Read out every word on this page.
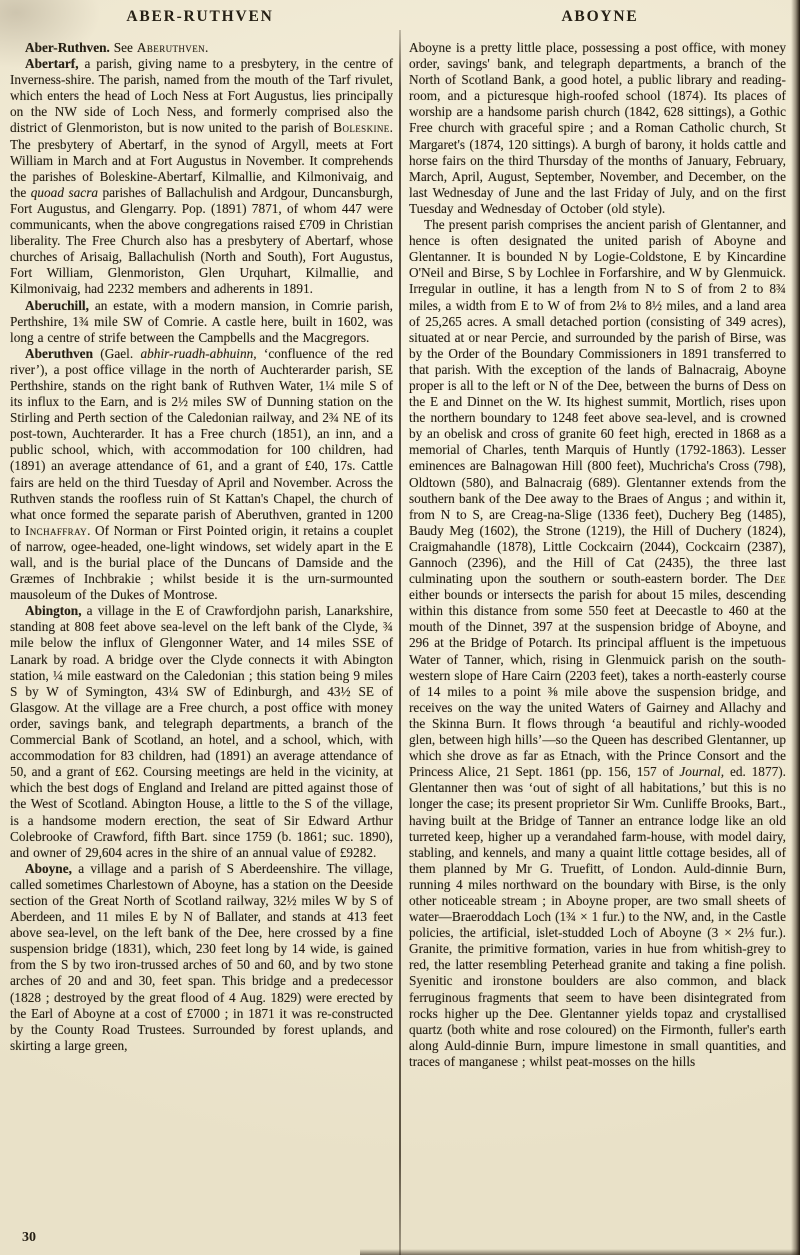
ABER-RUTHVEN	ABOYNE

Aber-Ruthven. See Aberuthven.

Abertarf, a parish, giving name to a presbytery, in the centre of Inverness-shire. The parish, named from the mouth of the Tarf rivulet, which enters the head of Loch Ness at Fort Augustus, lies principally on the NW side of Loch Ness, and formerly comprised also the district of Glenmoriston, but is now united to the parish of Boleskine. The presbytery of Abertarf, in the synod of Argyll, meets at Fort William in March and at Fort Augustus in November. It comprehends the parishes of Boleskine-Abertarf, Kilmallie, and Kilmonivaig, and the quoad sacra parishes of Ballachulish and Ardgour, Duncansburgh, Fort Augustus, and Glengarry. Pop. (1891) 7871, of whom 447 were communicants, when the above congregations raised £709 in Christian liberality. The Free Church also has a presbytery of Abertarf, whose churches of Arisaig, Ballachulish (North and South), Fort Augustus, Fort William, Glenmoriston, Glen Urquhart, Kilmallie, and Kilmonivaig, had 2232 members and adherents in 1891.

Aberuchill, an estate, with a modern mansion, in Comrie parish, Perthshire, 1¾ mile SW of Comrie. A castle here, built in 1602, was long a centre of strife between the Campbells and the Macgregors.

Aberuthven (Gael. abhir-ruadh-abhuinn, ‘confluence of the red river’), a post office village in the north of Auchterarder parish, SE Perthshire, stands on the right bank of Ruthven Water, 1¼ mile S of its influx to the Earn, and is 2½ miles SW of Dunning station on the Stirling and Perth section of the Caledonian railway, and 2¾ NE of its post-town, Auchterarder. It has a Free church (1851), an inn, and a public school, which, with accommodation for 100 children, had (1891) an average attendance of 61, and a grant of £40, 17s. Cattle fairs are held on the third Tuesday of April and November. Across the Ruthven stands the roofless ruin of St Kattan's Chapel, the church of what once formed the separate parish of Aberuthven, granted in 1200 to Inchaffray. Of Norman or First Pointed origin, it retains a couplet of narrow, ogee-headed, one-light windows, set widely apart in the E wall, and is the burial place of the Duncans of Damside and the Græmes of Inchbrakie ; whilst beside it is the urn-surmounted mausoleum of the Dukes of Montrose.

Abington, a village in the E of Crawfordjohn parish, Lanarkshire, standing at 808 feet above sea-level on the left bank of the Clyde, ¾ mile below the influx of Glengonner Water, and 14 miles SSE of Lanark by road. A bridge over the Clyde connects it with Abington station, ¼ mile eastward on the Caledonian ; this station being 9 miles S by W of Symington, 43¼ SW of Edinburgh, and 43½ SE of Glasgow. At the village are a Free church, a post office with money order, savings bank, and telegraph departments, a branch of the Commercial Bank of Scotland, an hotel, and a school, which, with accommodation for 83 children, had (1891) an average attendance of 50, and a grant of £62. Coursing meetings are held in the vicinity, at which the best dogs of England and Ireland are pitted against those of the West of Scotland. Abington House, a little to the S of the village, is a handsome modern erection, the seat of Sir Edward Arthur Colebrooke of Crawford, fifth Bart. since 1759 (b. 1861; suc. 1890), and owner of 29,604 acres in the shire of an annual value of £9282.

Aboyne, a village and a parish of S Aberdeenshire. The village, called sometimes Charlestown of Aboyne, has a station on the Deeside section of the Great North of Scotland railway, 32½ miles W by S of Aberdeen, and 11 miles E by N of Ballater, and stands at 413 feet above sea-level, on the left bank of the Dee, here crossed by a fine suspension bridge (1831), which, 230 feet long by 14 wide, is gained from the S by two iron-trussed arches of 50 and 60, and by two stone arches of 20 and and 30, feet span. This bridge and a predecessor (1828 ; destroyed by the great flood of 4 Aug. 1829) were erected by the Earl of Aboyne at a cost of £7000 ; in 1871 it was re-constructed by the County Road Trustees. Surrounded by forest uplands, and skirting a large green,

Aboyne is a pretty little place, possessing a post office, with money order, savings' bank, and telegraph departments, a branch of the North of Scotland Bank, a good hotel, a public library and reading-room, and a picturesque high-roofed school (1874). Its places of worship are a handsome parish church (1842, 628 sittings), a Gothic Free church with graceful spire ; and a Roman Catholic church, St Margaret's (1874, 120 sittings). A burgh of barony, it holds cattle and horse fairs on the third Thursday of the months of January, February, March, April, August, September, November, and December, on the last Wednesday of June and the last Friday of July, and on the first Tuesday and Wednesday of October (old style).

The present parish comprises the ancient parish of Glentanner, and hence is often designated the united parish of Aboyne and Glentanner. It is bounded N by Logie-Coldstone, E by Kincardine O'Neil and Birse, S by Lochlee in Forfarshire, and W by Glenmuick. Irregular in outline, it has a length from N to S of from 2 to 8¾ miles, a width from E to W of from 2⅛ to 8½ miles, and a land area of 25,265 acres. A small detached portion (consisting of 349 acres), situated at or near Percie, and surrounded by the parish of Birse, was by the Order of the Boundary Commissioners in 1891 transferred to that parish. With the exception of the lands of Balnacraig, Aboyne proper is all to the left or N of the Dee, between the burns of Dess on the E and Dinnet on the W. Its highest summit, Mortlich, rises upon the northern boundary to 1248 feet above sea-level, and is crowned by an obelisk and cross of granite 60 feet high, erected in 1868 as a memorial of Charles, tenth Marquis of Huntly (1792-1863). Lesser eminences are Balnagowan Hill (800 feet), Muchricha's Cross (798), Oldtown (580), and Balnacraig (689). Glentanner extends from the southern bank of the Dee away to the Braes of Angus ; and within it, from N to S, are Creag-na-Slige (1336 feet), Duchery Beg (1485), Baudy Meg (1602), the Strone (1219), the Hill of Duchery (1824), Craigmahandle (1878), Little Cockcairn (2044), Cockcairn (2387), Gannoch (2396), and the Hill of Cat (2435), the three last culminating upon the southern or south-eastern border. The Dee either bounds or intersects the parish for about 15 miles, descending within this distance from some 550 feet at Deecastle to 460 at the mouth of the Dinnet, 397 at the suspension bridge of Aboyne, and 296 at the Bridge of Potarch. Its principal affluent is the impetuous Water of Tanner, which, rising in Glenmuick parish on the south-western slope of Hare Cairn (2203 feet), takes a north-easterly course of 14 miles to a point ⅜ mile above the suspension bridge, and receives on the way the united Waters of Gairney and Allachy and the Skinna Burn. It flows through ‘a beautiful and richly-wooded glen, between high hills’—so the Queen has described Glentanner, up which she drove as far as Etnach, with the Prince Consort and the Princess Alice, 21 Sept. 1861 (pp. 156, 157 of Journal, ed. 1877). Glentanner then was ‘out of sight of all habitations,’ but this is no longer the case; its present proprietor Sir Wm. Cunliffe Brooks, Bart., having built at the Bridge of Tanner an entrance lodge like an old turreted keep, higher up a verandahed farm-house, with model dairy, stabling, and kennels, and many a quaint little cottage besides, all of them planned by Mr G. Truefitt, of London. Auld-dinnie Burn, running 4 miles northward on the boundary with Birse, is the only other noticeable stream ; in Aboyne proper, are two small sheets of water—Braeroddach Loch (1¾ × 1 fur.) to the NW, and, in the Castle policies, the artificial, islet-studded Loch of Aboyne (3 × 2⅓ fur.). Granite, the primitive formation, varies in hue from whitish-grey to red, the latter resembling Peterhead granite and taking a fine polish. Syenitic and ironstone boulders are also common, and black ferruginous fragments that seem to have been disintegrated from rocks higher up the Dee. Glentanner yields topaz and crystallised quartz (both white and rose coloured) on the Firmonth, fuller's earth along Auld-dinnie Burn, impure limestone in small quantities, and traces of manganese ; whilst peat-mosses on the hills

30
